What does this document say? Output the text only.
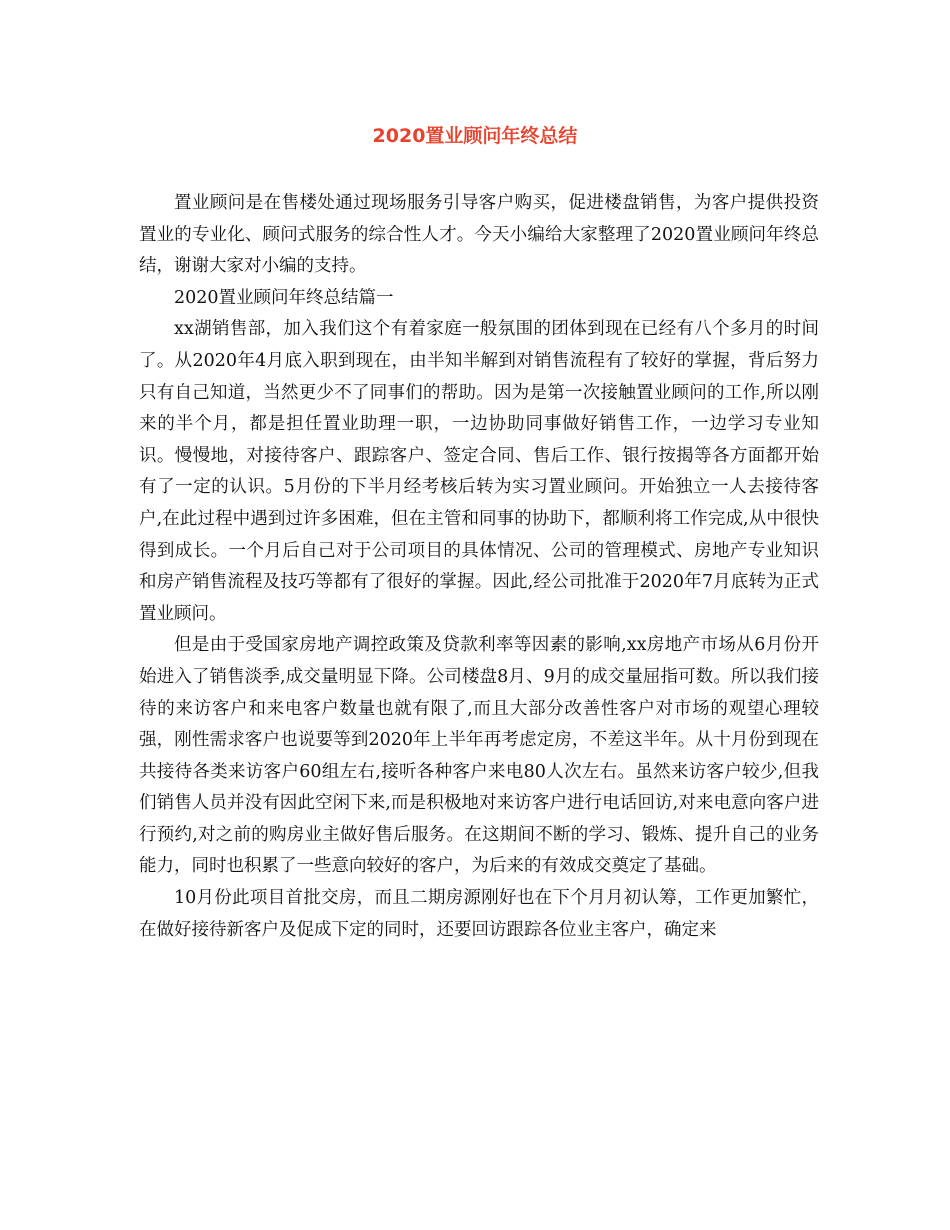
2020置业顾问年终总结

置业顾问是在售楼处通过现场服务引导客户购买，促进楼盘销售，为客户提供投资置业的专业化、顾问式服务的综合性人才。今天小编给大家整理了2020置业顾问年终总结，谢谢大家对小编的支持。

2020置业顾问年终总结篇一

xx湖销售部，加入我们这个有着家庭一般氛围的团体到现在已经有八个多月的时间了。从2020年4月底入职到现在，由半知半解到对销售流程有了较好的掌握，背后努力只有自己知道，当然更少不了同事们的帮助。因为是第一次接触置业顾问的工作,所以刚来的半个月，都是担任置业助理一职，一边协助同事做好销售工作，一边学习专业知识。慢慢地，对接待客户、跟踪客户、签定合同、售后工作、银行按揭等各方面都开始有了一定的认识。5月份的下半月经考核后转为实习置业顾问。开始独立一人去接待客户,在此过程中遇到过许多困难，但在主管和同事的协助下，都顺利将工作完成,从中很快得到成长。一个月后自己对于公司项目的具体情况、公司的管理模式、房地产专业知识和房产销售流程及技巧等都有了很好的掌握。因此,经公司批准于2020年7月底转为正式置业顾问。

但是由于受国家房地产调控政策及贷款利率等因素的影响,xx房地产市场从6月份开始进入了销售淡季,成交量明显下降。公司楼盘8月、9月的成交量屈指可数。所以我们接待的来访客户和来电客户数量也就有限了,而且大部分改善性客户对市场的观望心理较强，刚性需求客户也说要等到2020年上半年再考虑定房，不差这半年。从十月份到现在共接待各类来访客户60组左右,接听各种客户来电80人次左右。虽然来访客户较少,但我们销售人员并没有因此空闲下来,而是积极地对来访客户进行电话回访,对来电意向客户进行预约,对之前的购房业主做好售后服务。在这期间不断的学习、锻炼、提升自己的业务能力，同时也积累了一些意向较好的客户，为后来的有效成交奠定了基础。

10月份此项目首批交房，而且二期房源刚好也在下个月月初认筹，工作更加繁忙，在做好接待新客户及促成下定的同时，还要回访跟踪各位业主客户，确定来
